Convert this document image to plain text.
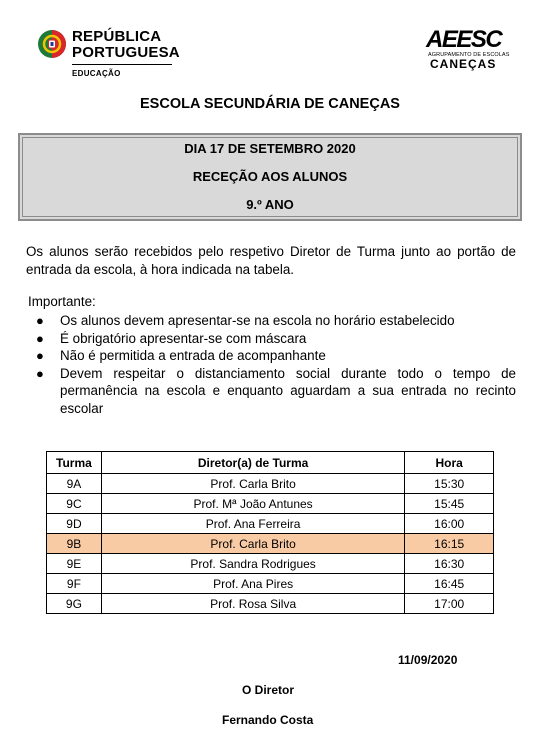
REPÚBLICA
PORTUGUESA
EDUCAÇÃO
AEESC
AGRUPAMENTO DE ESCOLAS
CANEÇAS
ESCOLA SECUNDÁRIA DE CANEÇAS
DIA 17 DE SETEMBRO 2020
RECEÇÃO AOS ALUNOS
9.º ANO
Os alunos serão recebidos pelo respetivo Diretor de Turma junto ao portão de entrada da escola, à hora indicada na tabela.
Importante:
● Os alunos devem apresentar-se na escola no horário estabelecido
● É obrigatório apresentar-se com máscara
● Não é permitida a entrada de acompanhante
● Devem respeitar o distanciamento social durante todo o tempo de permanência na escola e enquanto aguardam a sua entrada no recinto escolar
Turma	Diretor(a) de Turma	Hora
9A	Prof. Carla Brito	15:30
9C	Prof. Mª João Antunes	15:45
9D	Prof. Ana Ferreira	16:00
9B	Prof. Carla Brito	16:15
9E	Prof. Sandra Rodrigues	16:30
9F	Prof. Ana Pires	16:45
9G	Prof. Rosa Silva	17:00
11/09/2020
O Diretor
Fernando Costa
